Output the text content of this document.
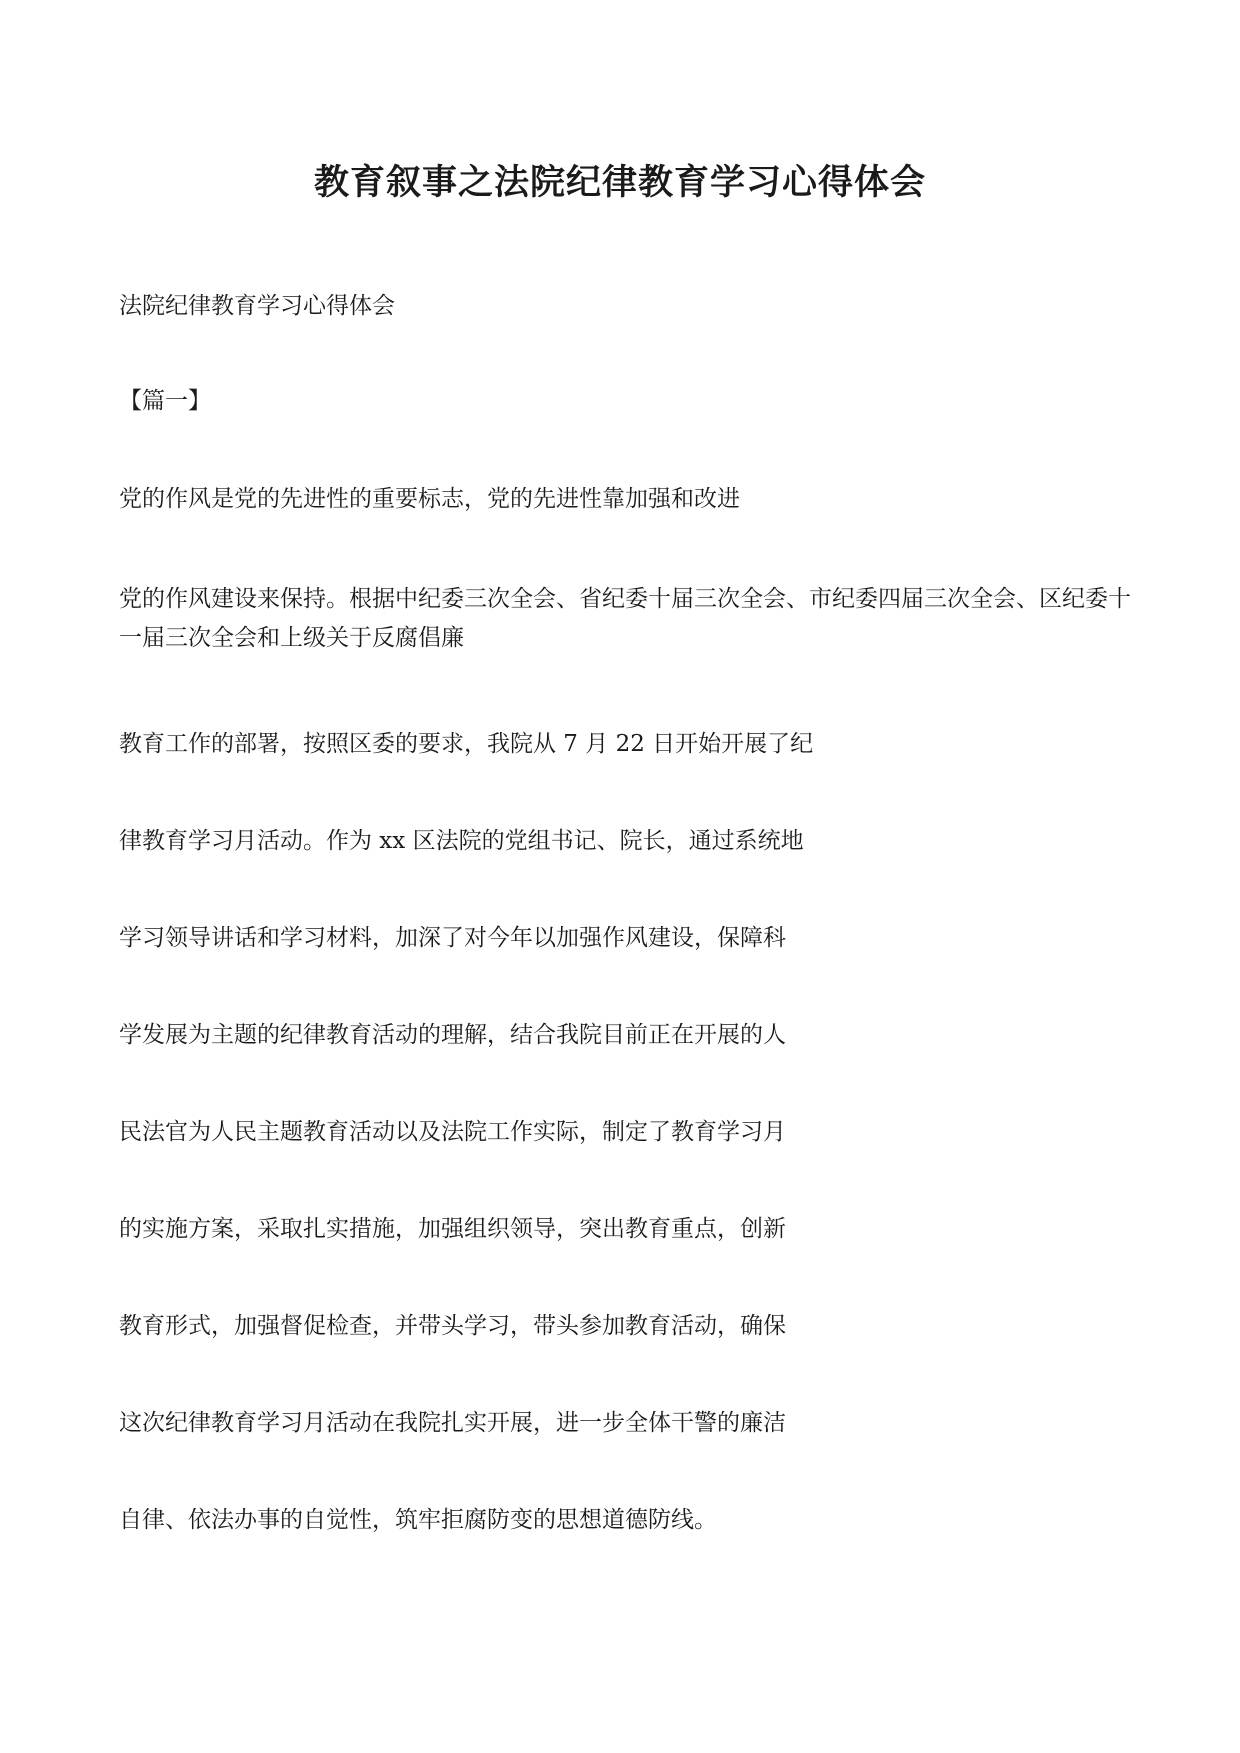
教育叙事之法院纪律教育学习心得体会
法院纪律教育学习心得体会
【篇一】
党的作风是党的先进性的重要标志，党的先进性靠加强和改进
党的作风建设来保持。根据中纪委三次全会、省纪委十届三次全会、市纪委四届三次全会、区纪委十一届三次全会和上级关于反腐倡廉
教育工作的部署，按照区委的要求，我院从 7 月 22 日开始开展了纪
律教育学习月活动。作为 xx 区法院的党组书记、院长，通过系统地
学习领导讲话和学习材料，加深了对今年以加强作风建设，保障科
学发展为主题的纪律教育活动的理解，结合我院目前正在开展的人
民法官为人民主题教育活动以及法院工作实际，制定了教育学习月
的实施方案，采取扎实措施，加强组织领导，突出教育重点，创新
教育形式，加强督促检查，并带头学习，带头参加教育活动，确保
这次纪律教育学习月活动在我院扎实开展，进一步全体干警的廉洁
自律、依法办事的自觉性，筑牢拒腐防变的思想道德防线。
